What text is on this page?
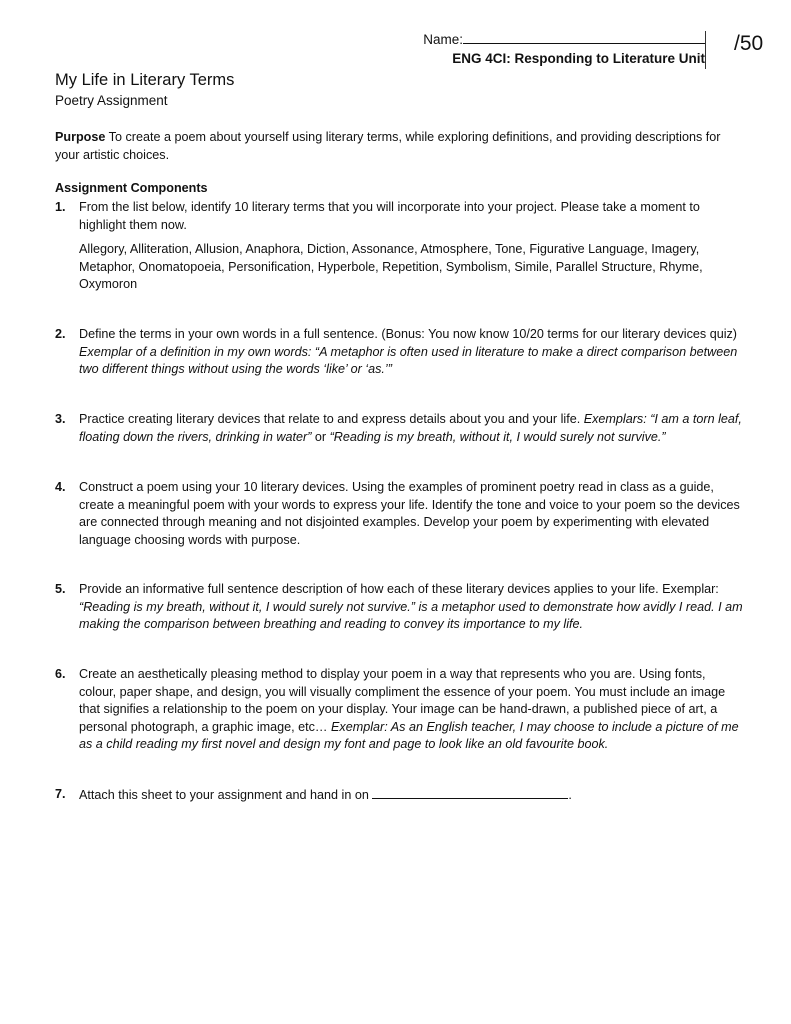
Name:
ENG 4CI: Responding to Literature Unit
/50
My Life in Literary Terms
Poetry Assignment
Purpose To create a poem about yourself using literary terms, while exploring definitions, and providing descriptions for your artistic choices.
Assignment Components
1. From the list below, identify 10 literary terms that you will incorporate into your project. Please take a moment to highlight them now.
Allegory, Alliteration, Allusion, Anaphora, Diction, Assonance, Atmosphere, Tone, Figurative Language, Imagery, Metaphor, Onomatopoeia, Personification, Hyperbole, Repetition, Symbolism, Simile, Parallel Structure, Rhyme, Oxymoron
2. Define the terms in your own words in a full sentence. (Bonus: You now know 10/20 terms for our literary devices quiz) Exemplar of a definition in my own words: “A metaphor is often used in literature to make a direct comparison between two different things without using the words ‘like’ or ‘as.’”
3. Practice creating literary devices that relate to and express details about you and your life. Exemplars: “I am a torn leaf, floating down the rivers, drinking in water” or “Reading is my breath, without it, I would surely not survive.”
4. Construct a poem using your 10 literary devices. Using the examples of prominent poetry read in class as a guide, create a meaningful poem with your words to express your life. Identify the tone and voice to your poem so the devices are connected through meaning and not disjointed examples. Develop your poem by experimenting with elevated language choosing words with purpose.
5. Provide an informative full sentence description of how each of these literary devices applies to your life. Exemplar: “Reading is my breath, without it, I would surely not survive.” is a metaphor used to demonstrate how avidly I read. I am making the comparison between breathing and reading to convey its importance to my life.
6. Create an aesthetically pleasing method to display your poem in a way that represents who you are. Using fonts, colour, paper shape, and design, you will visually compliment the essence of your poem. You must include an image that signifies a relationship to the poem on your display. Your image can be hand-drawn, a published piece of art, a personal photograph, a graphic image, etc… Exemplar: As an English teacher, I may choose to include a picture of me as a child reading my first novel and design my font and page to look like an old favourite book.
7. Attach this sheet to your assignment and hand in on	.
